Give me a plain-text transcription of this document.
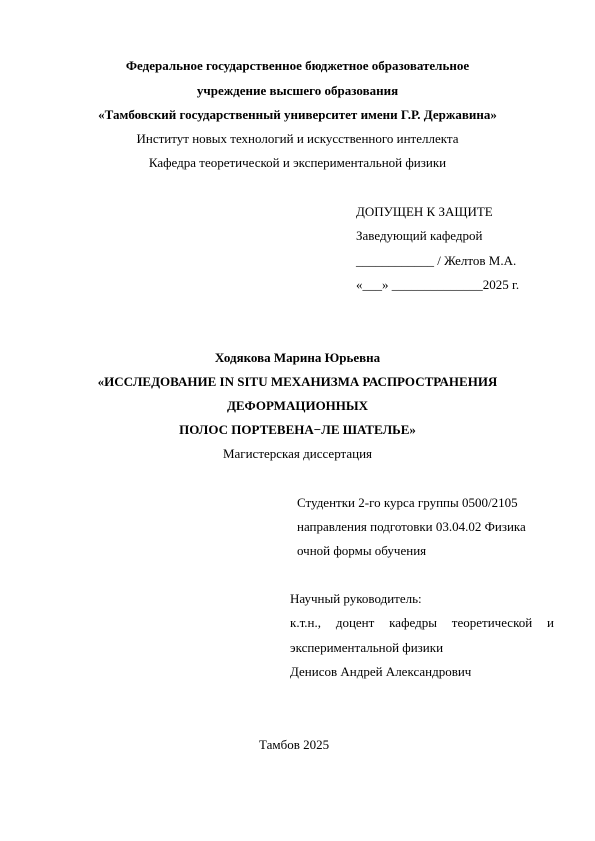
Федеральное государственное бюджетное образовательное
учреждение высшего образования
«Тамбовский государственный университет имени Г.Р. Державина»
Институт новых технологий и искусственного интеллекта
Кафедра теоретической и экспериментальной физики
ДОПУЩЕН К ЗАЩИТЕ
Заведующий кафедрой
____________ / Желтов М.А.
«___» ______________2025 г.
Ходякова Марина Юрьевна
«ИССЛЕДОВАНИЕ IN SITU МЕХАНИЗМА РАСПРОСТРАНЕНИЯ
ДЕФОРМАЦИОННЫХ
ПОЛОС ПОРТЕВЕНА−ЛЕ ШАТЕЛЬЕ»
Магистерская диссертация
Студентки 2-го курса группы 0500/2105
направления подготовки 03.04.02 Физика
очной формы обучения
Научный руководитель:
к.т.н., доцент кафедры теоретической и
экспериментальной физики
Денисов Андрей Александрович
Тамбов 2025
